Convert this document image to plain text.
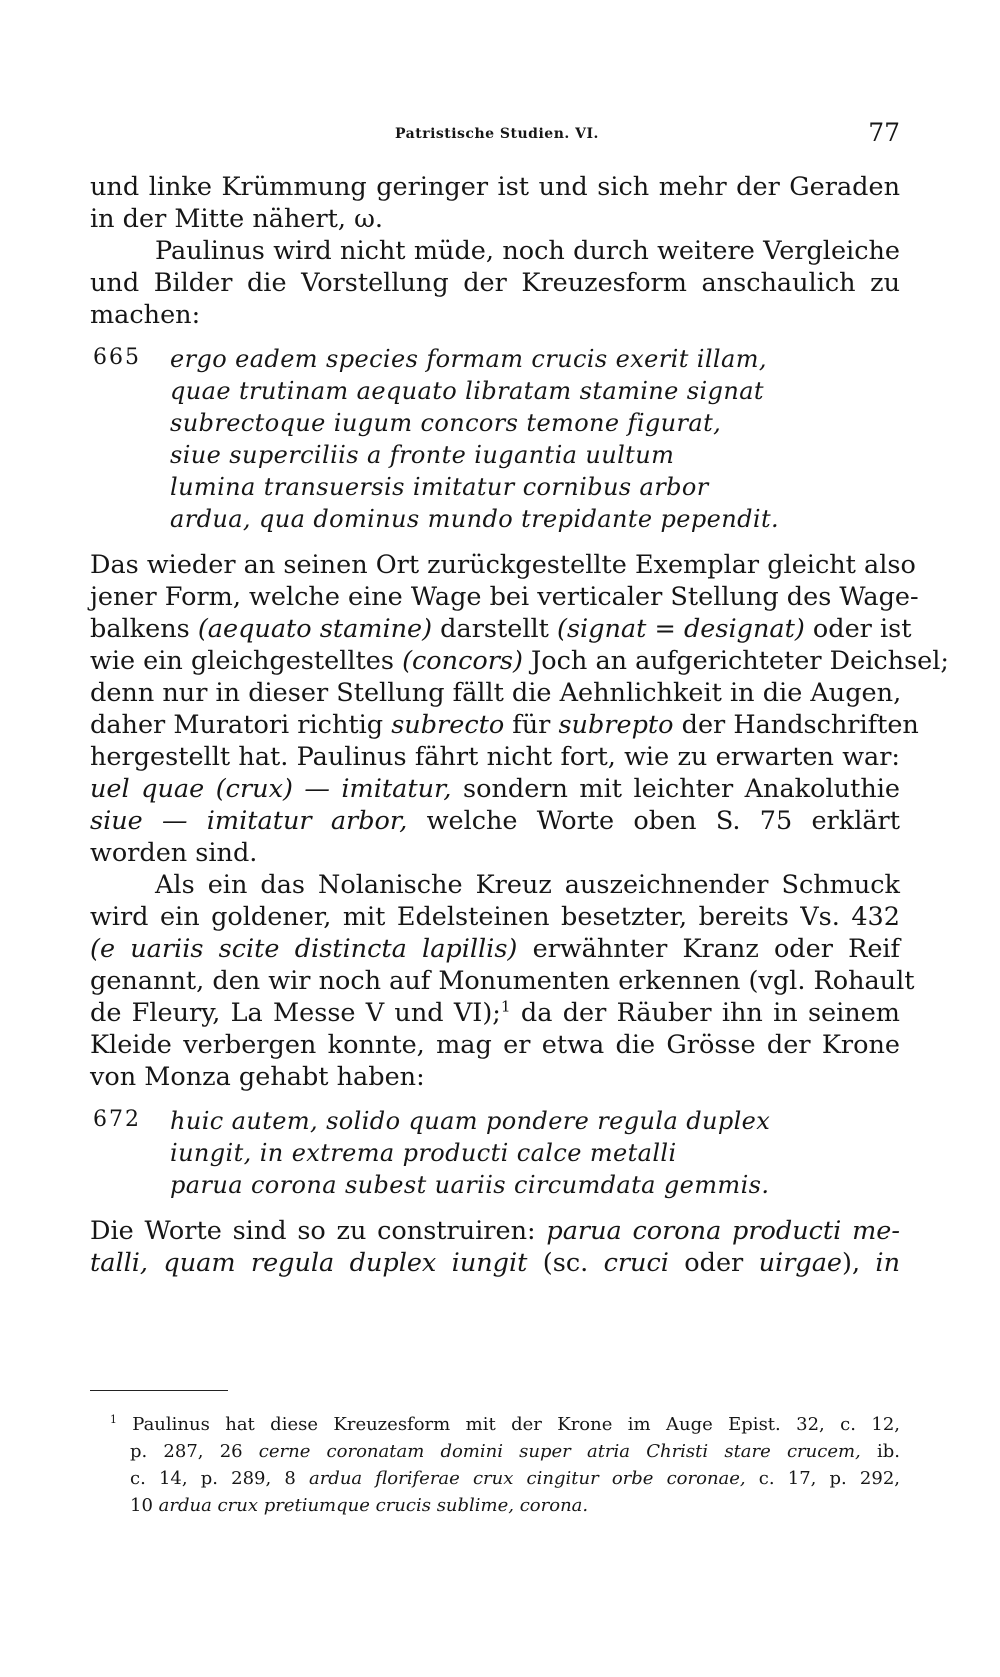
Patristische Studien. VI.	77
und linke Krümmung geringer ist und sich mehr der Geraden
in der Mitte nähert, ω.
Paulinus wird nicht müde, noch durch weitere Vergleiche
und Bilder die Vorstellung der Kreuzesform anschaulich zu
machen:
665 ergo eadem species formam crucis exerit illam,
quae trutinam aequato libratam stamine signat
subrectoque iugum concors temone figurat,
siue superciliis a fronte iugantia uultum
lumina transuersis imitatur cornibus arbor
ardua, qua dominus mundo trepidante pependit.
Das wieder an seinen Ort zurückgestellte Exemplar gleicht also
jener Form, welche eine Wage bei verticaler Stellung des Wage-
balkens (aequato stamine) darstellt (signat = designat) oder ist
wie ein gleichgestelltes (concors) Joch an aufgerichteter Deichsel;
denn nur in dieser Stellung fällt die Aehnlichkeit in die Augen,
daher Muratori richtig subrecto für subrepto der Handschriften
hergestellt hat. Paulinus fährt nicht fort, wie zu erwarten war:
uel quae (crux) — imitatur, sondern mit leichter Anakoluthie
siue — imitatur arbor, welche Worte oben S. 75 erklärt
worden sind.
Als ein das Nolanische Kreuz auszeichnender Schmuck
wird ein goldener, mit Edelsteinen besetzter, bereits Vs. 432
(e uariis scite distincta lapillis) erwähnter Kranz oder Reif
genannt, den wir noch auf Monumenten erkennen (vgl. Rohault
de Fleury, La Messe V und VI);$^1$ da der Räuber ihn in seinem
Kleide verbergen konnte, mag er etwa die Grösse der Krone
von Monza gehabt haben:
672 huic autem, solido quam pondere regula duplex
iungit, in extrema producti calce metalli
parua corona subest uariis circumdata gemmis.
Die Worte sind so zu construiren: parua corona producti me-
talli, quam regula duplex iungit (sc. cruci oder uirgae), in
$^1$ Paulinus hat diese Kreuzesform mit der Krone im Auge Epist. 32, c. 12,
p. 287, 26 cerne coronatam domini super atria Christi stare crucem, ib.
c. 14, p. 289, 8 ardua floriferae crux cingitur orbe coronae, c. 17, p. 292,
10 ardua crux pretiumque crucis sublime, corona.
